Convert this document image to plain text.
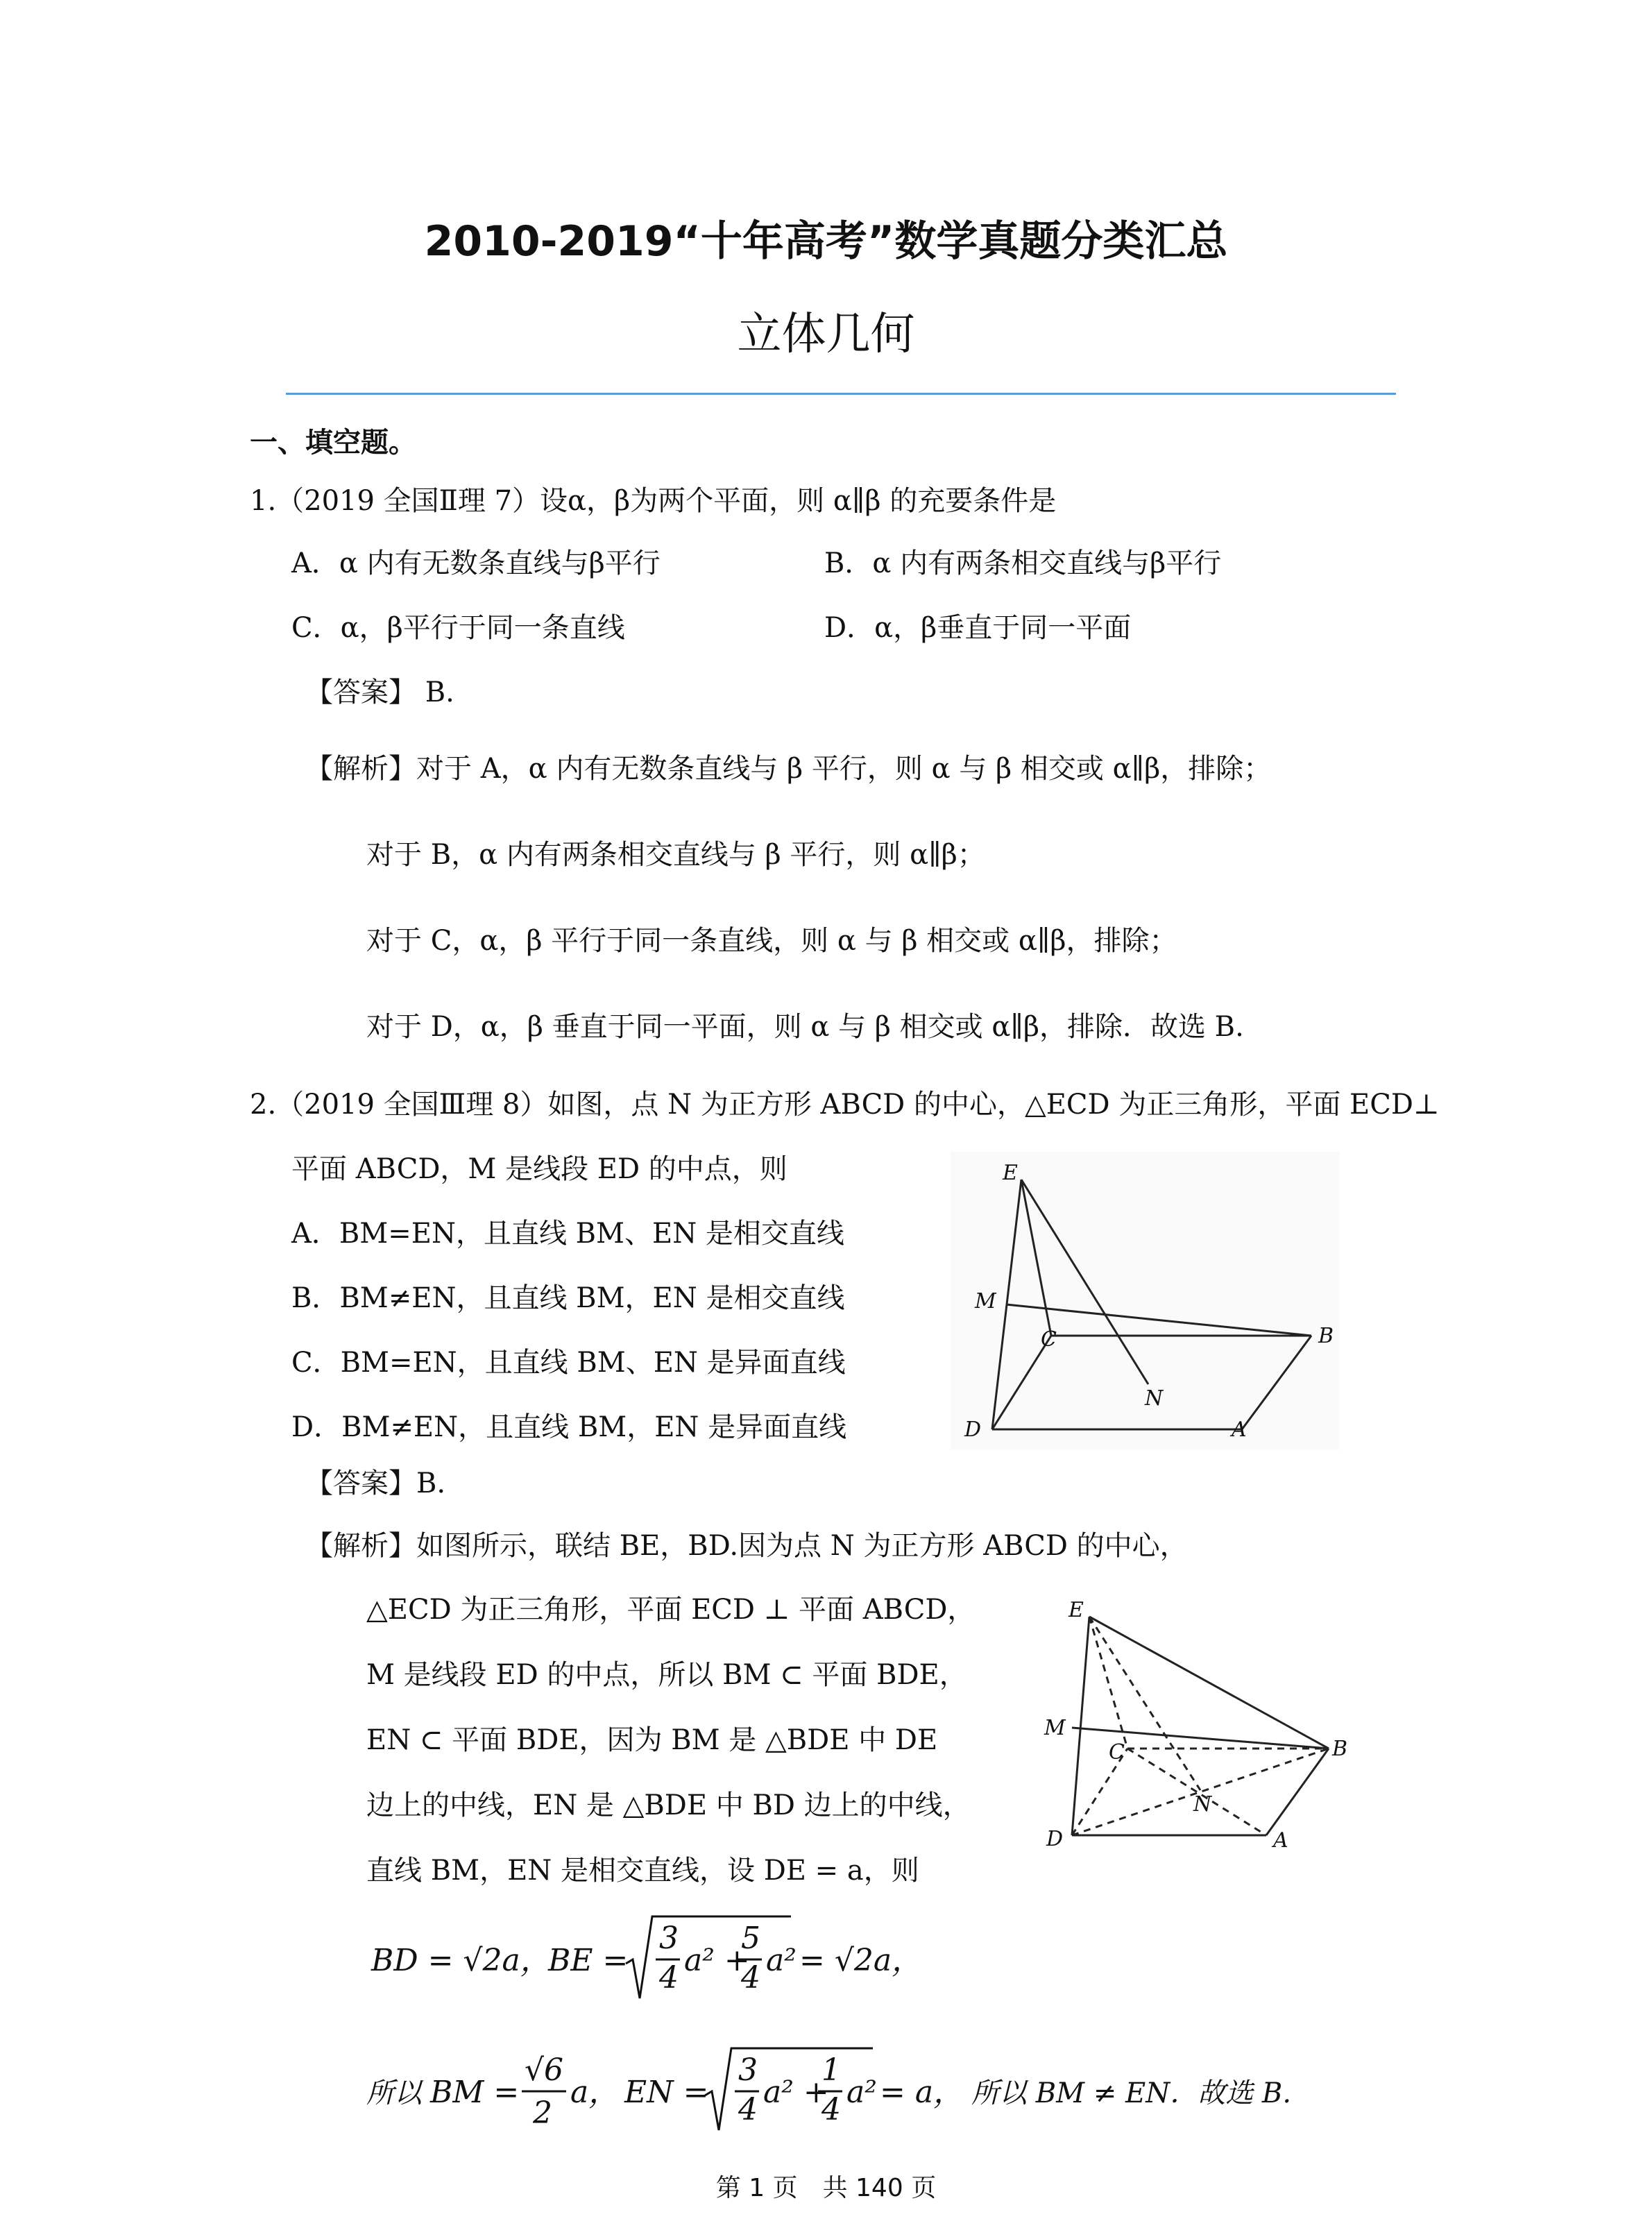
2010-2019“十年高考”数学真题分类汇总
立体几何
一、填空题。
1.（2019 全国Ⅱ理 7）设α，β为两个平面，则 α∥β 的充要条件是
A．α 内有无数条直线与β平行	B．α 内有两条相交直线与β平行
C．α，β平行于同一条直线	D．α，β垂直于同一平面
【答案】 B.
【解析】对于 A，α 内有无数条直线与 β 平行，则 α 与 β 相交或 α∥β，排除；
对于 B，α 内有两条相交直线与 β 平行，则 α∥β；
对于 C，α，β 平行于同一条直线，则 α 与 β 相交或 α∥β，排除；
对于 D，α，β 垂直于同一平面，则 α 与 β 相交或 α∥β，排除．故选 B.
2.（2019 全国Ⅲ理 8）如图，点 N 为正方形 ABCD 的中心，△ECD 为正三角形，平面 ECD⊥
平面 ABCD，M 是线段 ED 的中点，则
A．BM=EN，且直线 BM、EN 是相交直线
B．BM≠EN，且直线 BM，EN 是相交直线
C．BM=EN，且直线 BM、EN 是异面直线
D．BM≠EN，且直线 BM，EN 是异面直线
E
M
C	B
N
D	A
【答案】B.
【解析】如图所示，联结 BE，BD.因为点 N 为正方形 ABCD 的中心，
△ECD 为正三角形，平面 ECD ⊥ 平面 ABCD，
M 是线段 ED 的中点，所以 BM ⊂ 平面 BDE，
EN ⊂ 平面 BDE，因为 BM 是 △BDE 中 DE
边上的中线，EN 是 △BDE 中 BD 边上的中线，
直线 BM，EN 是相交直线，设 DE = a，则
E
M
C	B
N
D	A
BD = √2a，
BE =
3
4 a² +
5
4 a² = √2a，
所以 BM =
√6
2
a， EN =
3
4 a² +
1
4 a² = a， 所以 BM ≠ EN．故选 B.
第 1 页　共 140 页
